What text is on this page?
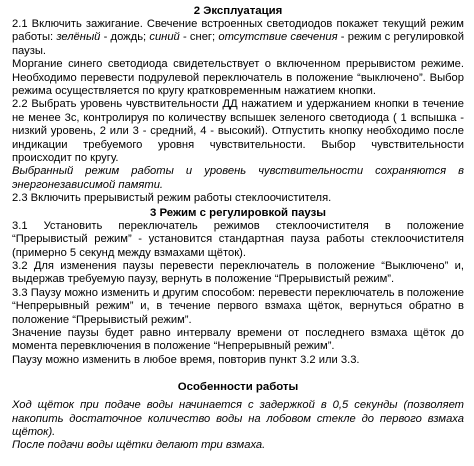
2 Эксплуатация

2.1 Включить зажигание. Свечение встроенных светодиодов покажет текущий режим работы: зелёный - дождь; синий - снег; отсутствие свечения - режим с регулировкой паузы.

Моргание синего светодиода свидетельствует о включенном прерывистом режиме. Необходимо перевести подрулевой переключатель в положение “выключено”. Выбор режима осуществляется по кругу кратковременным нажатием кнопки.

2.2 Выбрать уровень чувствительности ДД нажатием и удержанием кнопки в течение не менее 3с, контролируя по количеству вспышек зеленого светодиода ( 1 вспышка - низкий уровень, 2 или 3 - средний, 4 - высокий). Отпустить кнопку необходимо после индикации требуемого уровня чувствительности. Выбор чувствительности происходит по кругу.

Выбранный режим работы и уровень чувствительности сохраняются в энергонезависимой памяти.

2.3 Включить прерывистый режим работы стеклоочистителя.

3 Режим с регулировкой паузы

3.1 Установить переключатель режимов стеклоочистителя в положение “Прерывистый режим” - установится стандартная пауза работы стеклоочистителя (примерно 5 секунд между взмахами щёток).

3.2 Для изменения паузы перевести переключатель в положение “Выключено” и, выдержав требуемую паузу, вернуть в положение “Прерывистый режим”.

3.3 Паузу можно изменить и другим способом: перевести переключатель в положение “Непрерывный режим” и, в течение первого взмаха щёток, вернуться обратно в положение “Прерывистый режим”.

Значение паузы будет равно интервалу времени от последнего взмаха щёток до момента перевключения в положение “Непрерывный режим”.

Паузу можно изменить в любое время, повторив пункт 3.2 или 3.3.

Особенности работы

Ход щёток при подаче воды начинается с задержкой в 0,5 секунды (позволяет накопить достаточное количество воды на лобовом стекле до первого взмаха щёток).

После подачи воды щётки делают три взмаха.
